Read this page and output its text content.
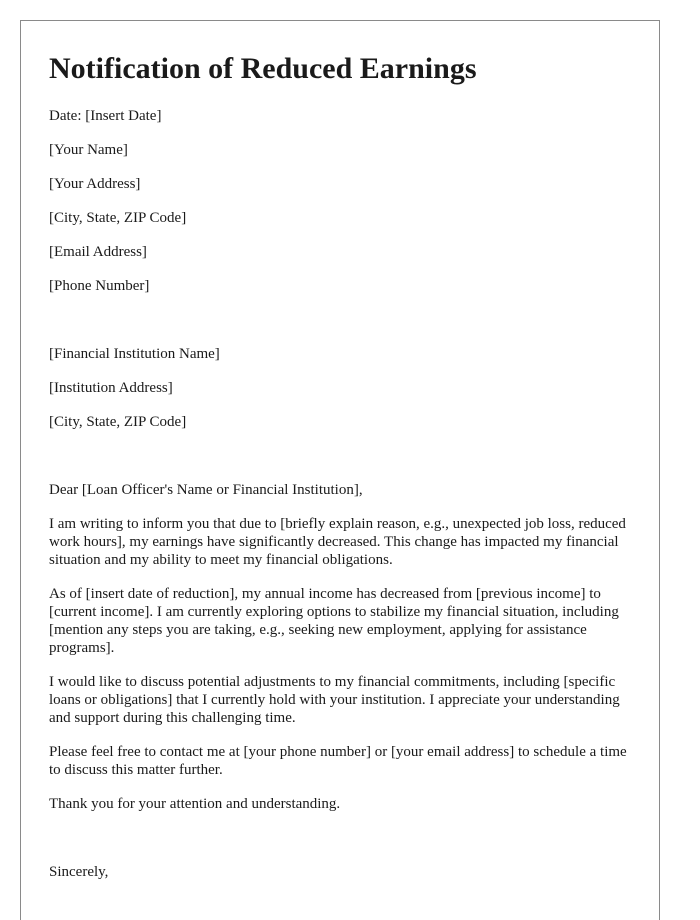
Notification of Reduced Earnings

Date: [Insert Date]

[Your Name]

[Your Address]

[City, State, ZIP Code]

[Email Address]

[Phone Number]

[Financial Institution Name]

[Institution Address]

[City, State, ZIP Code]

Dear [Loan Officer's Name or Financial Institution],

I am writing to inform you that due to [briefly explain reason, e.g., unexpected job loss, reduced work hours], my earnings have significantly decreased. This change has impacted my financial situation and my ability to meet my financial obligations.

As of [insert date of reduction], my annual income has decreased from [previous income] to [current income]. I am currently exploring options to stabilize my financial situation, including [mention any steps you are taking, e.g., seeking new employment, applying for assistance programs].

I would like to discuss potential adjustments to my financial commitments, including [specific loans or obligations] that I currently hold with your institution. I appreciate your understanding and support during this challenging time.

Please feel free to contact me at [your phone number] or [your email address] to schedule a time to discuss this matter further.

Thank you for your attention and understanding.

Sincerely,
